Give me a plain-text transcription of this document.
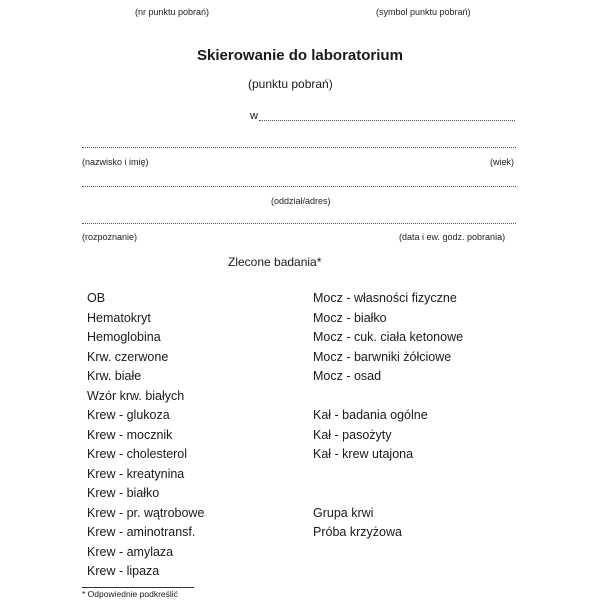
(nr punktu pobrań)	(symbol punktu pobrań)
Skierowanie do laboratorium
(punktu pobrań)
w
(nazwisko i imię)	(wiek)
(oddział/adres)
(rozpoznanie)	(data i ew. godz. pobrania)
Zlecone badania*
OB
Hematokryt
Hemoglobina
Krw. czerwone
Krw. białe
Wzór krw. białych
Krew - glukoza
Krew - mocznik
Krew - cholesterol
Krew - kreatynina
Krew - białko
Krew - pr. wątrobowe
Krew - aminotransf.
Krew - amylaza
Krew - lipaza
Mocz - własności fizyczne
Mocz - białko
Mocz - cuk. ciała ketonowe
Mocz - barwniki żółciowe
Mocz - osad
Kał - badania ogólne
Kał - pasożyty
Kał - krew utajona
Grupa krwi
Próba krzyżowa
* Odpowiednie podkreślić
